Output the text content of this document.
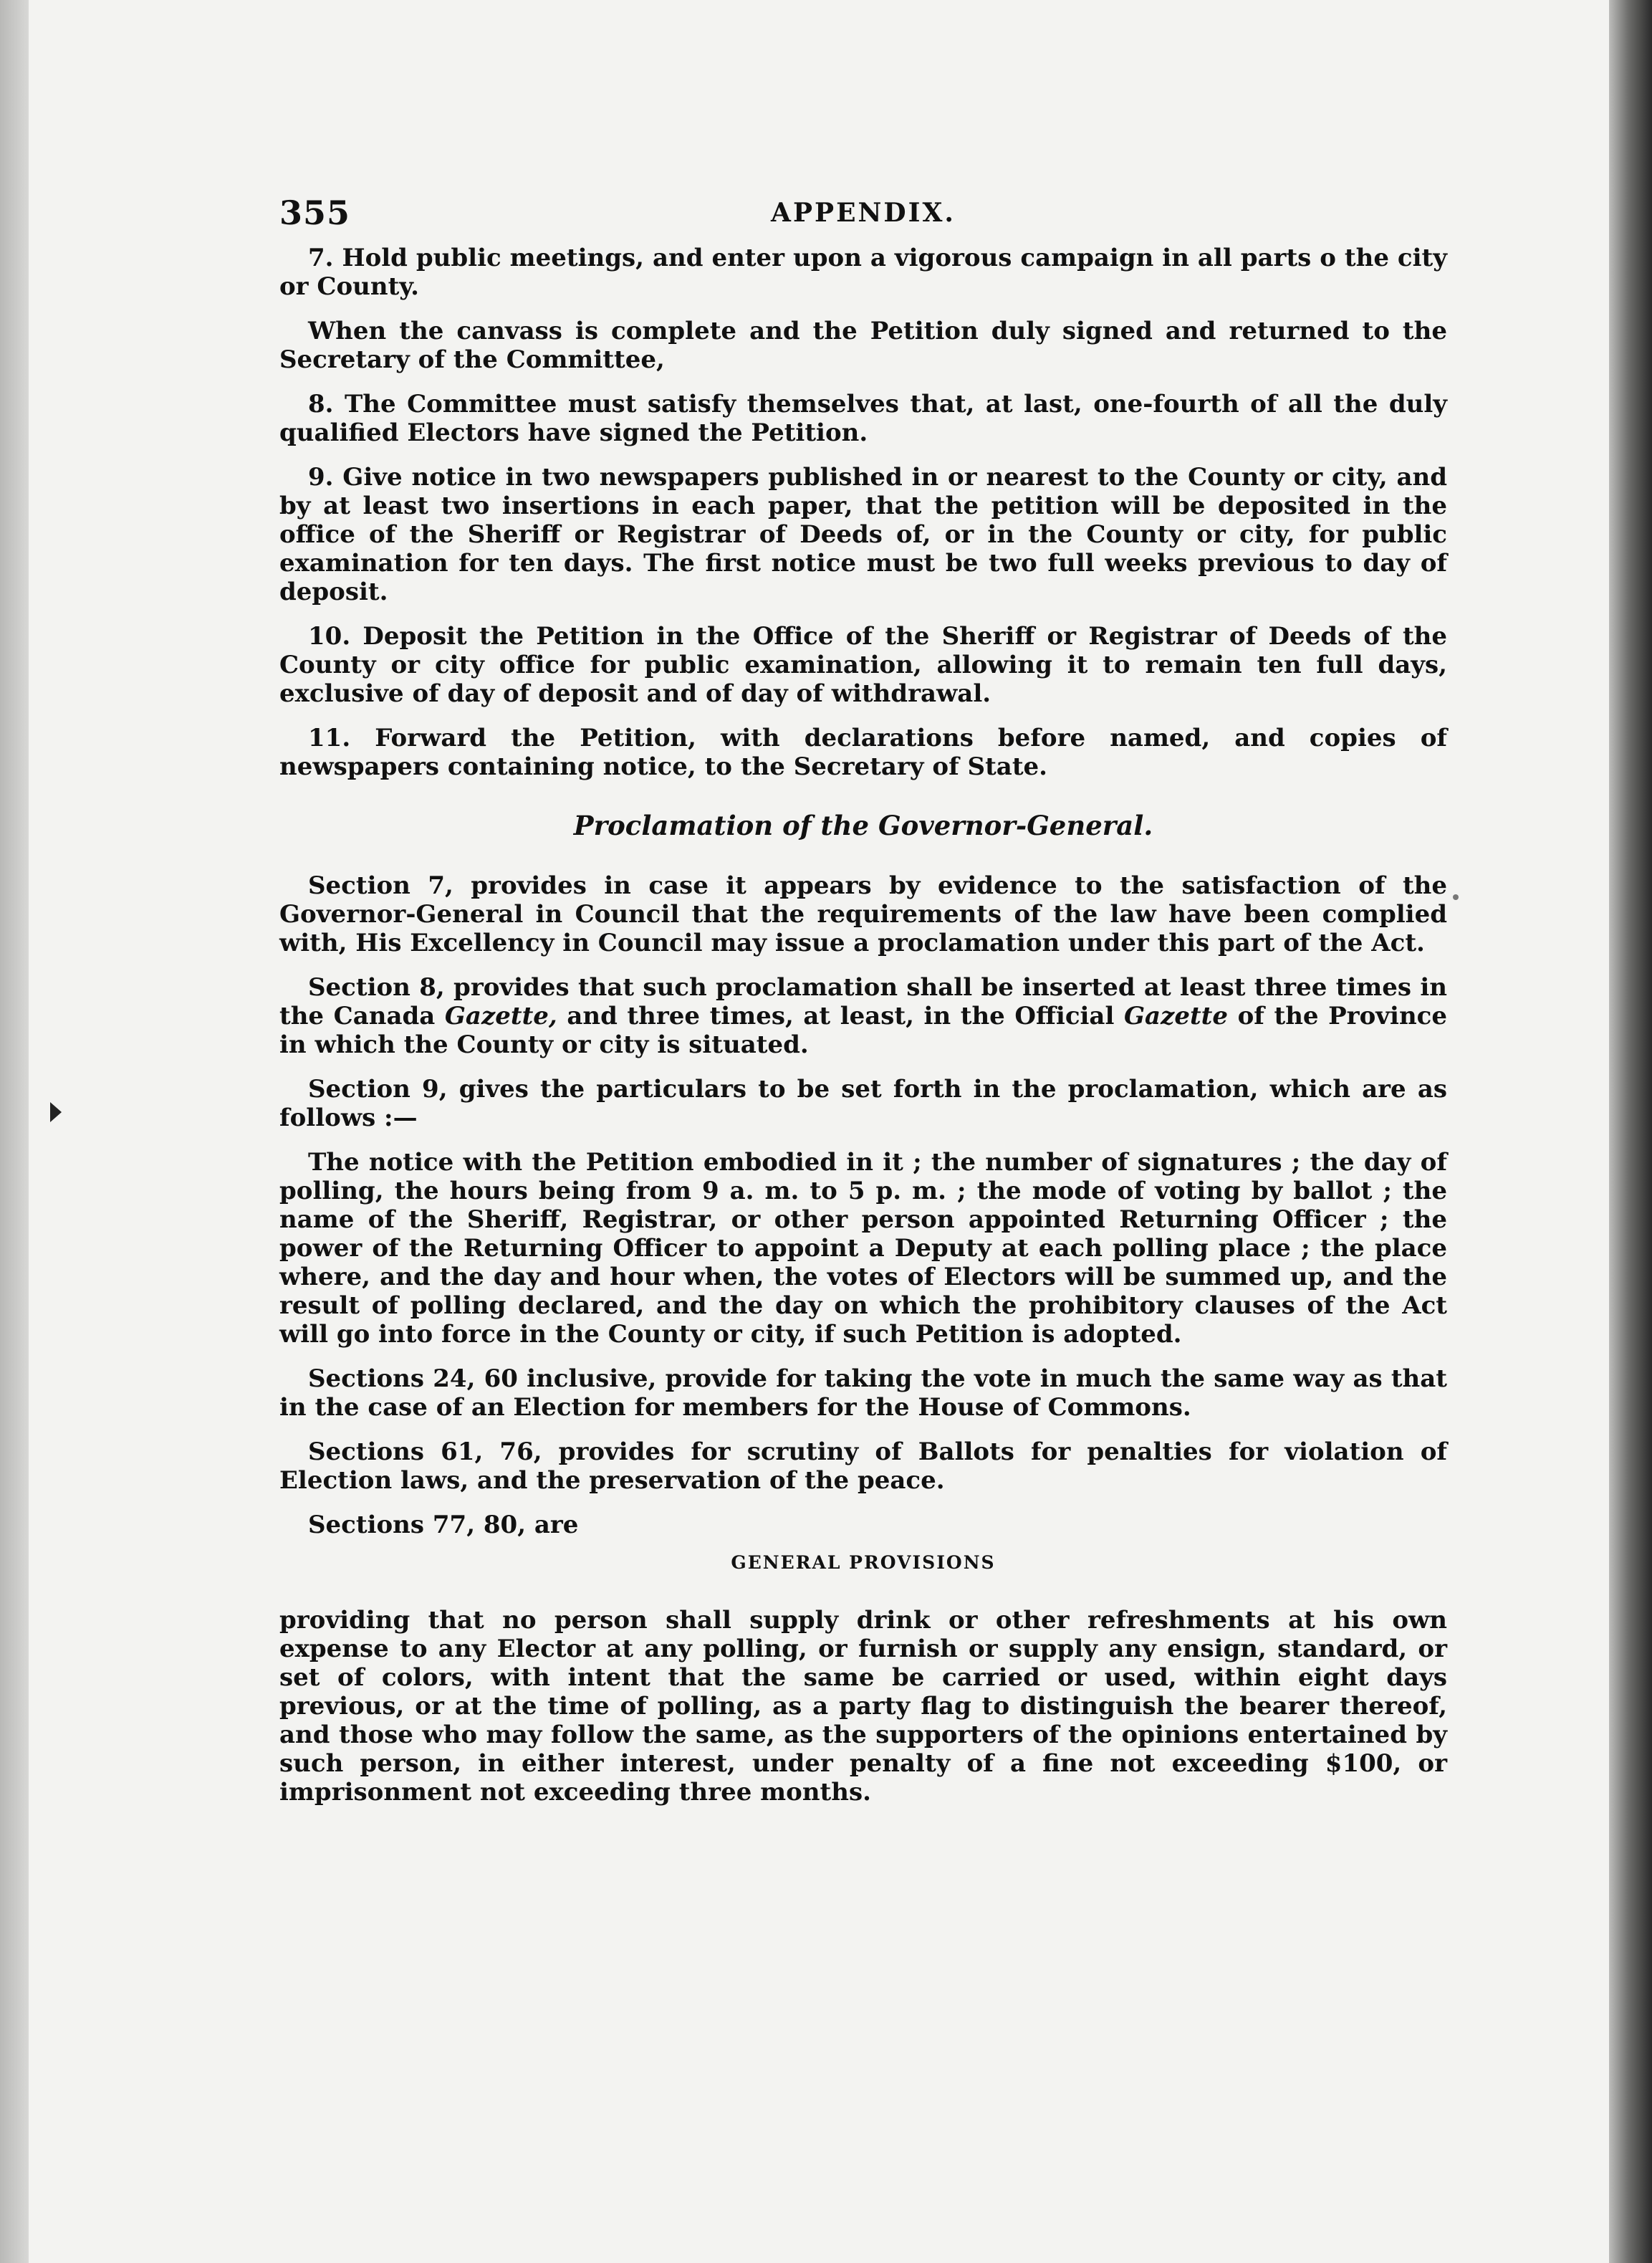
355	APPENDIX.

7. Hold public meetings, and enter upon a vigorous campaign in all parts o the city or County.

When the canvass is complete and the Petition duly signed and returned to the Secretary of the Committee,

8. The Committee must satisfy themselves that, at last, one-fourth of all the duly qualified Electors have signed the Petition.

9. Give notice in two newspapers published in or nearest to the County or city, and by at least two insertions in each paper, that the petition will be deposited in the office of the Sheriff or Registrar of Deeds of, or in the County or city, for public examination for ten days. The first notice must be two full weeks previous to day of deposit.

10. Deposit the Petition in the Office of the Sheriff or Registrar of Deeds of the County or city office for public examination, allowing it to remain ten full days, exclusive of day of deposit and of day of withdrawal.

11. Forward the Petition, with declarations before named, and copies of newspapers containing notice, to the Secretary of State.

Proclamation of the Governor-General.

Section 7, provides in case it appears by evidence to the satisfaction of the Governor-General in Council that the requirements of the law have been complied with, His Excellency in Council may issue a proclamation under this part of the Act.

Section 8, provides that such proclamation shall be inserted at least three times in the Canada Gazette, and three times, at least, in the Official Gazette of the Province in which the County or city is situated.

Section 9, gives the particulars to be set forth in the proclamation, which are as follows :—

The notice with the Petition embodied in it ; the number of signatures ; the day of polling, the hours being from 9 a. m. to 5 p. m. ; the mode of voting by ballot ; the name of the Sheriff, Registrar, or other person appointed Returning Officer ; the power of the Returning Officer to appoint a Deputy at each polling place ; the place where, and the day and hour when, the votes of Electors will be summed up, and the result of polling declared, and the day on which the prohibitory clauses of the Act will go into force in the County or city, if such Petition is adopted.

Sections 24, 60 inclusive, provide for taking the vote in much the same way as that in the case of an Election for members for the House of Commons.

Sections 61, 76, provides for scrutiny of Ballots for penalties for violation of Election laws, and the preservation of the peace.

Sections 77, 80, are

GENERAL PROVISIONS

providing that no person shall supply drink or other refreshments at his own expense to any Elector at any polling, or furnish or supply any ensign, standard, or set of colors, with intent that the same be carried or used, within eight days previous, or at the time of polling, as a party flag to distinguish the bearer thereof, and those who may follow the same, as the supporters of the opinions entertained by such person, in either interest, under penalty of a fine not exceeding $100, or imprisonment not exceeding three months.
